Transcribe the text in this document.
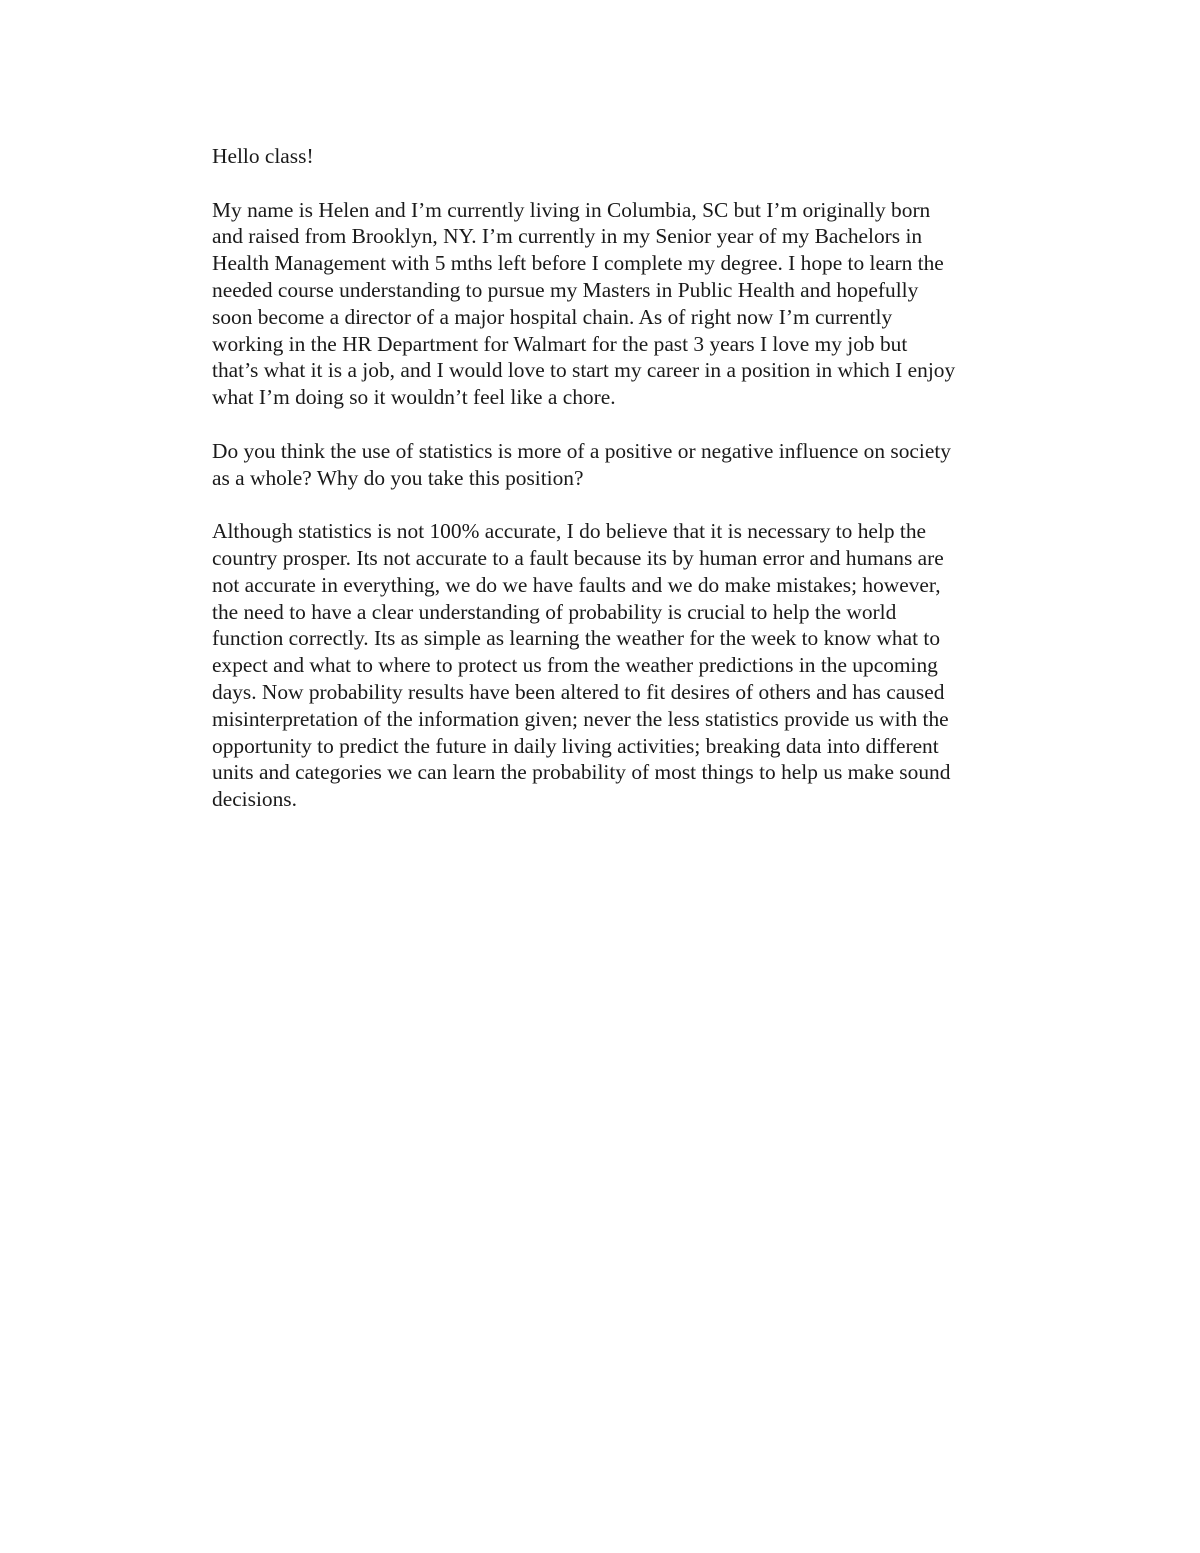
Hello class!
My name is Helen and I’m currently living in Columbia, SC but I’m originally born
and raised from Brooklyn, NY. I’m currently in my Senior year of my Bachelors in
Health Management with 5 mths left before I complete my degree. I hope to learn the
needed course understanding to pursue my Masters in Public Health and hopefully
soon become a director of a major hospital chain. As of right now I’m currently
working in the HR Department for Walmart for the past 3 years I love my job but
that’s what it is a job, and I would love to start my career in a position in which I enjoy
what I’m doing so it wouldn’t feel like a chore.
Do you think the use of statistics is more of a positive or negative influence on society
as a whole? Why do you take this position?
Although statistics is not 100% accurate, I do believe that it is necessary to help the
country prosper. Its not accurate to a fault because its by human error and humans are
not accurate in everything, we do we have faults and we do make mistakes; however,
the need to have a clear understanding of probability is crucial to help the world
function correctly. Its as simple as learning the weather for the week to know what to
expect and what to where to protect us from the weather predictions in the upcoming
days. Now probability results have been altered to fit desires of others and has caused
misinterpretation of the information given; never the less statistics provide us with the
opportunity to predict the future in daily living activities; breaking data into different
units and categories we can learn the probability of most things to help us make sound
decisions.
